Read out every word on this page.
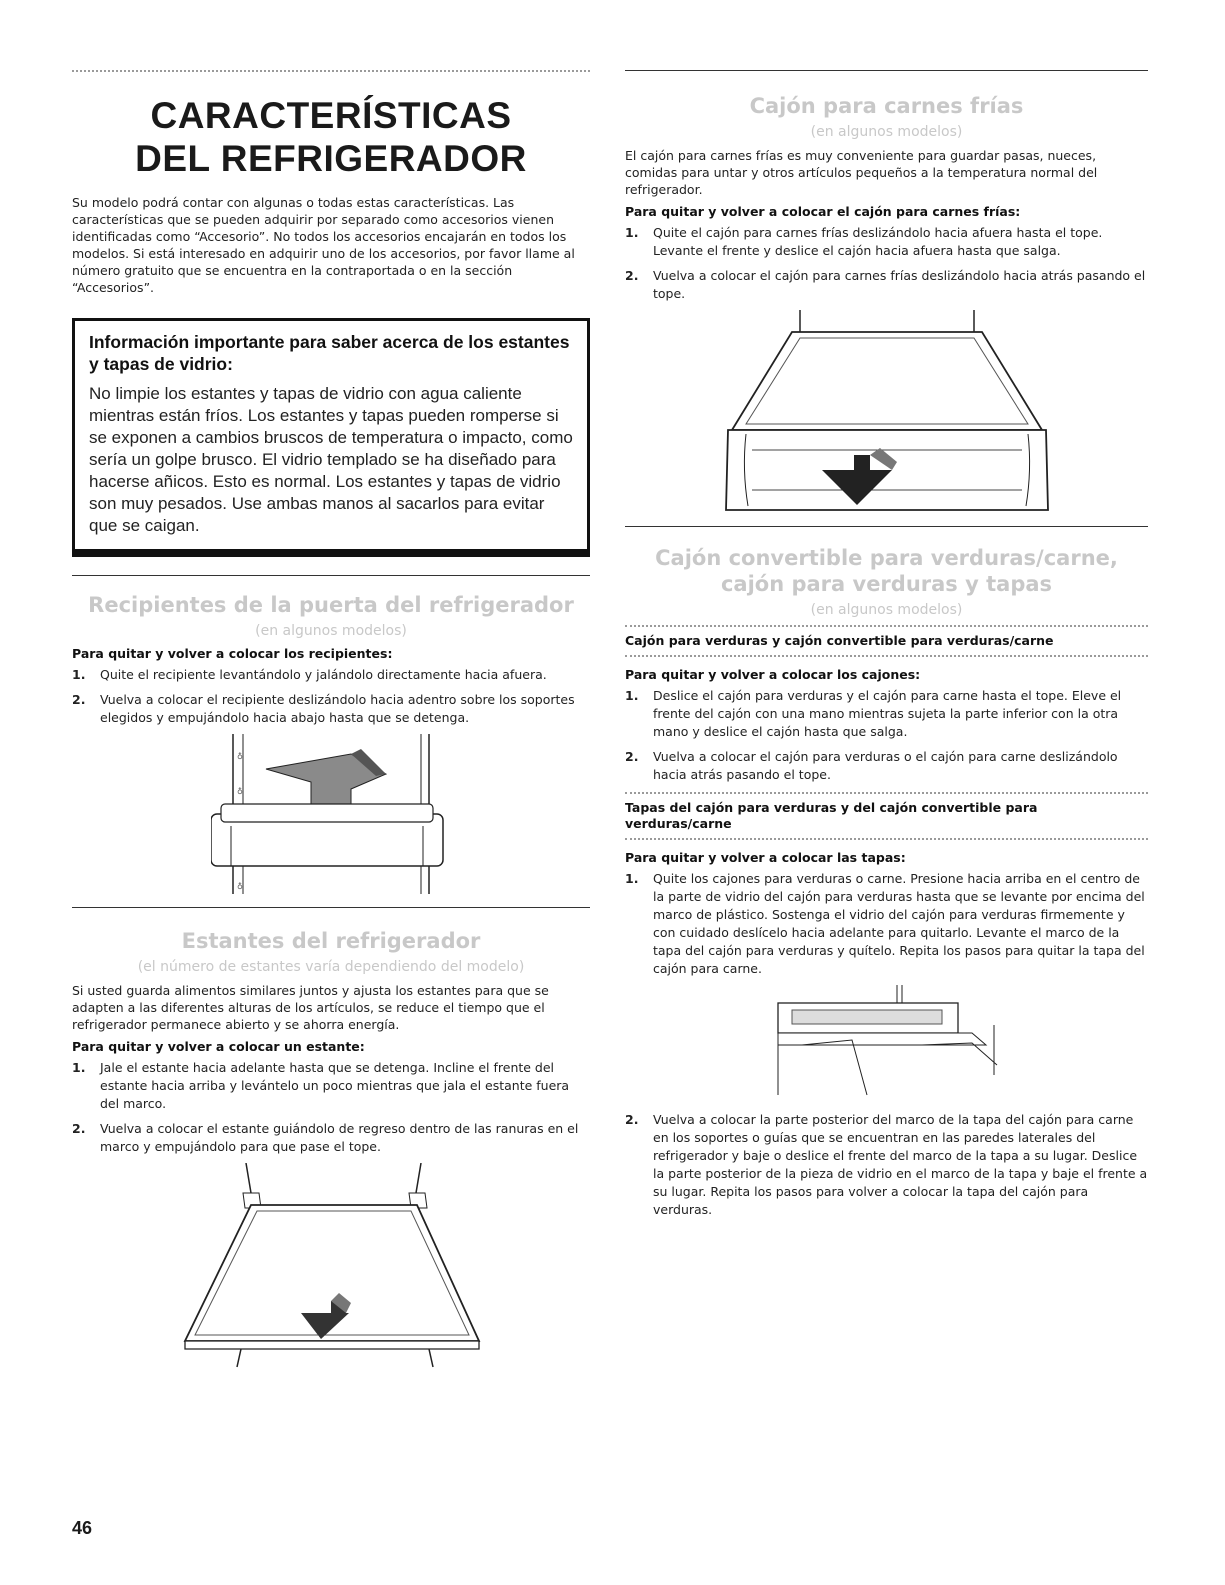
CARACTERÍSTICAS
DEL REFRIGERADOR

Su modelo podrá contar con algunas o todas estas características. Las características que se pueden adquirir por separado como accesorios vienen identificadas como “Accesorio”. No todos los accesorios encajarán en todos los modelos. Si está interesado en adquirir uno de los accesorios, por favor llame al número gratuito que se encuentra en la contraportada o en la sección “Accesorios”.

Información importante para saber acerca de los estantes y tapas de vidrio:

No limpie los estantes y tapas de vidrio con agua caliente mientras están fríos. Los estantes y tapas pueden romperse si se exponen a cambios bruscos de temperatura o impacto, como sería un golpe brusco. El vidrio templado se ha diseñado para hacerse añicos. Esto es normal. Los estantes y tapas de vidrio son muy pesados. Use ambas manos al sacarlos para evitar que se caigan.

Recipientes de la puerta del refrigerador
(en algunos modelos)
Para quitar y volver a colocar los recipientes:
1. Quite el recipiente levantándolo y jalándolo directamente hacia afuera.
2. Vuelva a colocar el recipiente deslizándolo hacia adentro sobre los soportes elegidos y empujándolo hacia abajo hasta que se detenga.
♁
♁
♁
Estantes del refrigerador
(el número de estantes varía dependiendo del modelo)

Si usted guarda alimentos similares juntos y ajusta los estantes para que se adapten a las diferentes alturas de los artículos, se reduce el tiempo que el refrigerador permanece abierto y se ahorra energía.

Para quitar y volver a colocar un estante:
1. Jale el estante hacia adelante hasta que se detenga. Incline el frente del estante hacia arriba y levántelo un poco mientras que jala el estante fuera del marco.
2. Vuelva a colocar el estante guiándolo de regreso dentro de las ranuras en el marco y empujándolo para que pase el tope.
Cajón para carnes frías
(en algunos modelos)

El cajón para carnes frías es muy conveniente para guardar pasas, nueces, comidas para untar y otros artículos pequeños a la temperatura normal del refrigerador.

Para quitar y volver a colocar el cajón para carnes frías:
1. Quite el cajón para carnes frías deslizándolo hacia afuera hasta el tope. Levante el frente y deslice el cajón hacia afuera hasta que salga.
2. Vuelva a colocar el cajón para carnes frías deslizándolo hacia atrás pasando el tope.
Cajón convertible para verduras/carne,
cajón para verduras y tapas
(en algunos modelos)
Cajón para verduras y cajón convertible para verduras/carne
Para quitar y volver a colocar los cajones:
1. Deslice el cajón para verduras y el cajón para carne hasta el tope. Eleve el frente del cajón con una mano mientras sujeta la parte inferior con la otra mano y deslice el cajón hasta que salga.
2. Vuelva a colocar el cajón para verduras o el cajón para carne deslizándolo hacia atrás pasando el tope.
Tapas del cajón para verduras y del cajón convertible para verduras/carne
Para quitar y volver a colocar las tapas:
1. Quite los cajones para verduras o carne. Presione hacia arriba en el centro de la parte de vidrio del cajón para verduras hasta que se levante por encima del marco de plástico. Sostenga el vidrio del cajón para verduras firmemente y con cuidado deslícelo hacia adelante para quitarlo. Levante el marco de la tapa del cajón para verduras y quítelo. Repita los pasos para quitar la tapa del cajón para carne.
2. Vuelva a colocar la parte posterior del marco de la tapa del cajón para carne en los soportes o guías que se encuentran en las paredes laterales del refrigerador y baje o deslice el frente del marco de la tapa a su lugar. Deslice la parte posterior de la pieza de vidrio en el marco de la tapa y baje el frente a su lugar. Repita los pasos para volver a colocar la tapa del cajón para verduras.
46
